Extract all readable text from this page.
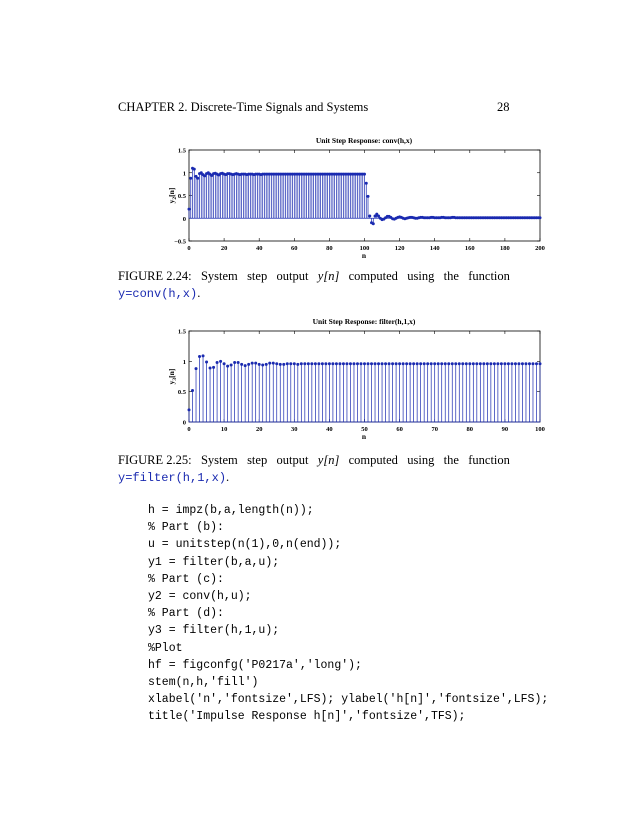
CHAPTER 2. Discrete-Time Signals and Systems	28
Unit Step Response: conv(h,x)
−0.5
0
0.5
1
1.5
0	20	40	60	80	100	120	140	160	180	200
n
$y_2[n]$
FIGURE 2.24: System step output y[n] computed using the function
y=conv(h,x).
Unit Step Response: filter(h,1,x)
0
0.5
1
1.5
0	10	20	30	40	50	60	70	80	90	100
n
$y_3[n]$
FIGURE 2.25: System step output y[n] computed using the function
y=filter(h,1,x).
h = impz(b,a,length(n));
% Part (b):
u = unitstep(n(1),0,n(end));
y1 = filter(b,a,u);
% Part (c):
y2 = conv(h,u);
% Part (d):
y3 = filter(h,1,u);
%Plot
hf = figconfg('P0217a','long');
stem(n,h,'fill')
xlabel('n','fontsize',LFS); ylabel('h[n]','fontsize',LFS);
title('Impulse Response h[n]','fontsize',TFS);
